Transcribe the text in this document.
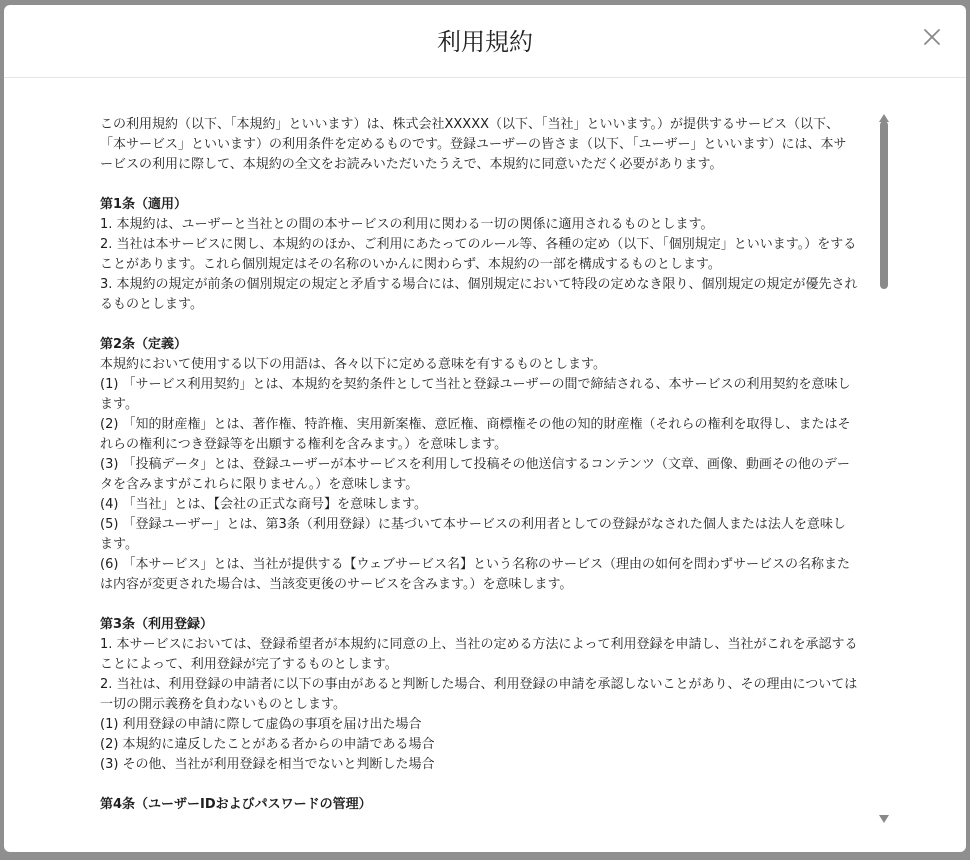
利用規約

この利用規約（以下、「本規約」といいます）は、株式会社XXXXX（以下、「当社」といいます。）が提供するサービス（以下、「本サービス」といいます）の利用条件を定めるものです。登録ユーザーの皆さま（以下、「ユーザー」といいます）には、本サービスの利用に際して、本規約の全文をお読みいただいたうえで、本規約に同意いただく必要があります。

第1条（適用）

1. 本規約は、ユーザーと当社との間の本サービスの利用に関わる一切の関係に適用されるものとします。

2. 当社は本サービスに関し、本規約のほか、ご利用にあたってのルール等、各種の定め（以下、「個別規定」といいます。）をすることがあります。これら個別規定はその名称のいかんに関わらず、本規約の一部を構成するものとします。

3. 本規約の規定が前条の個別規定の規定と矛盾する場合には、個別規定において特段の定めなき限り、個別規定の規定が優先されるものとします。

第2条（定義）

本規約において使用する以下の用語は、各々以下に定める意味を有するものとします。

(1) 「サービス利用契約」とは、本規約を契約条件として当社と登録ユーザーの間で締結される、本サービスの利用契約を意味します。

(2) 「知的財産権」とは、著作権、特許権、実用新案権、意匠権、商標権その他の知的財産権（それらの権利を取得し、またはそれらの権利につき登録等を出願する権利を含みます。）を意味します。

(3) 「投稿データ」とは、登録ユーザーが本サービスを利用して投稿その他送信するコンテンツ（文章、画像、動画その他のデータを含みますがこれらに限りません。）を意味します。

(4) 「当社」とは、【会社の正式な商号】を意味します。

(5) 「登録ユーザー」とは、第3条（利用登録）に基づいて本サービスの利用者としての登録がなされた個人または法人を意味します。

(6) 「本サービス」とは、当社が提供する【ウェブサービス名】という名称のサービス（理由の如何を問わずサービスの名称または内容が変更された場合は、当該変更後のサービスを含みます。）を意味します。

第3条（利用登録）

1. 本サービスにおいては、登録希望者が本規約に同意の上、当社の定める方法によって利用登録を申請し、当社がこれを承認することによって、利用登録が完了するものとします。

2. 当社は、利用登録の申請者に以下の事由があると判断した場合、利用登録の申請を承認しないことがあり、その理由については一切の開示義務を負わないものとします。

(1) 利用登録の申請に際して虚偽の事項を届け出た場合

(2) 本規約に違反したことがある者からの申請である場合

(3) その他、当社が利用登録を相当でないと判断した場合

第4条（ユーザーIDおよびパスワードの管理）
